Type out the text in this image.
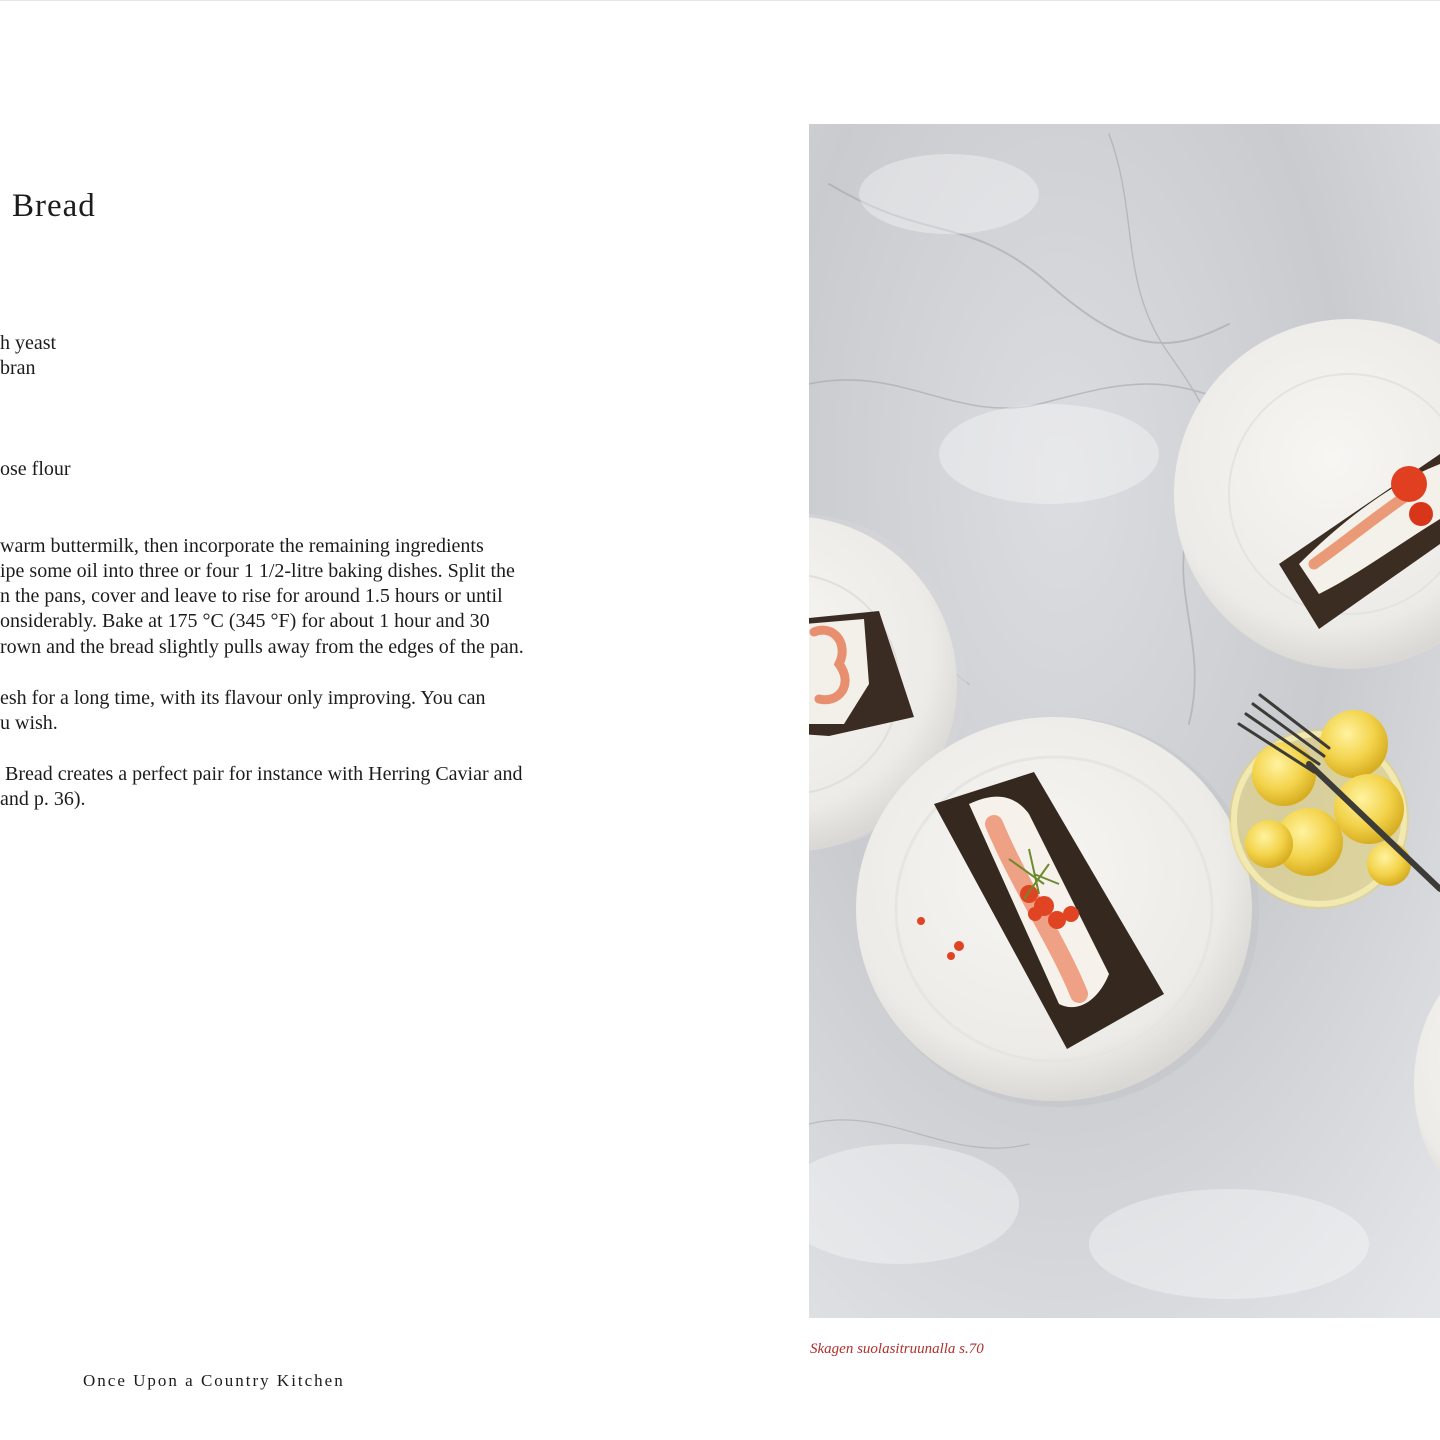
Bread

h yeast

bran

ose flour

warm buttermilk, then incorporate the remaining ingredients

ipe some oil into three or four 1 1/2-litre baking dishes. Split the

n the pans, cover and leave to rise for around 1.5 hours or until

onsiderably. Bake at 175 °C (345 °F) for about 1 hour and 30

rown and the bread slightly pulls away from the edges of the pan.

esh for a long time, with its flavour only improving. You can

u wish.

Bread creates a perfect pair for instance with Herring Caviar and

and p. 36).

Once Upon a Country Kitchen

Skagen suolasitruunalla s.70
